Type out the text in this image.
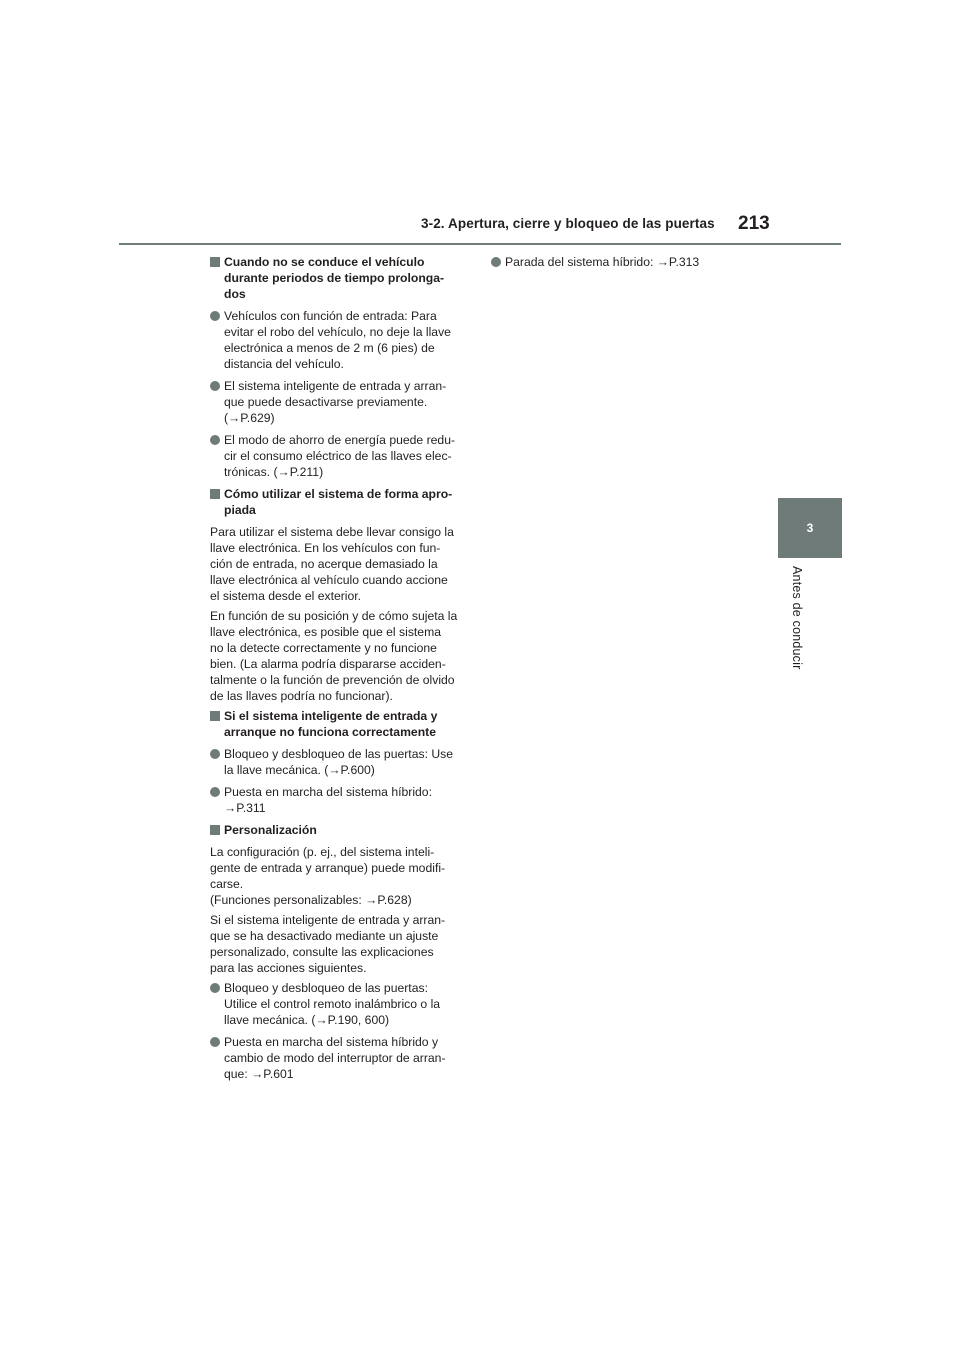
3-2. Apertura, cierre y bloqueo de las puertas 213
3
Antes de conducir
Cuando no se conduce el vehículo
durante periodos de tiempo prolonga-
dos
Vehículos con función de entrada: Para
evitar el robo del vehículo, no deje la llave
electrónica a menos de 2 m (6 pies) de
distancia del vehículo.
El sistema inteligente de entrada y arran-
que puede desactivarse previamente.
(→P.629)
El modo de ahorro de energía puede redu-
cir el consumo eléctrico de las llaves elec-
trónicas. (→P.211)
Cómo utilizar el sistema de forma apro-
piada
Para utilizar el sistema debe llevar consigo la
llave electrónica. En los vehículos con fun-
ción de entrada, no acerque demasiado la
llave electrónica al vehículo cuando accione
el sistema desde el exterior.
En función de su posición y de cómo sujeta la
llave electrónica, es posible que el sistema
no la detecte correctamente y no funcione
bien. (La alarma podría dispararse acciden-
talmente o la función de prevención de olvido
de las llaves podría no funcionar).
Si el sistema inteligente de entrada y
arranque no funciona correctamente
Bloqueo y desbloqueo de las puertas: Use
la llave mecánica. (→P.600)
Puesta en marcha del sistema híbrido:
→P.311
Personalización
La configuración (p. ej., del sistema inteli-
gente de entrada y arranque) puede modifi-
carse.
(Funciones personalizables: →P.628)
Si el sistema inteligente de entrada y arran-
que se ha desactivado mediante un ajuste
personalizado, consulte las explicaciones
para las acciones siguientes.
Bloqueo y desbloqueo de las puertas:
Utilice el control remoto inalámbrico o la
llave mecánica. (→P.190, 600)
Puesta en marcha del sistema híbrido y
cambio de modo del interruptor de arran-
que: →P.601
Parada del sistema híbrido: →P.313
